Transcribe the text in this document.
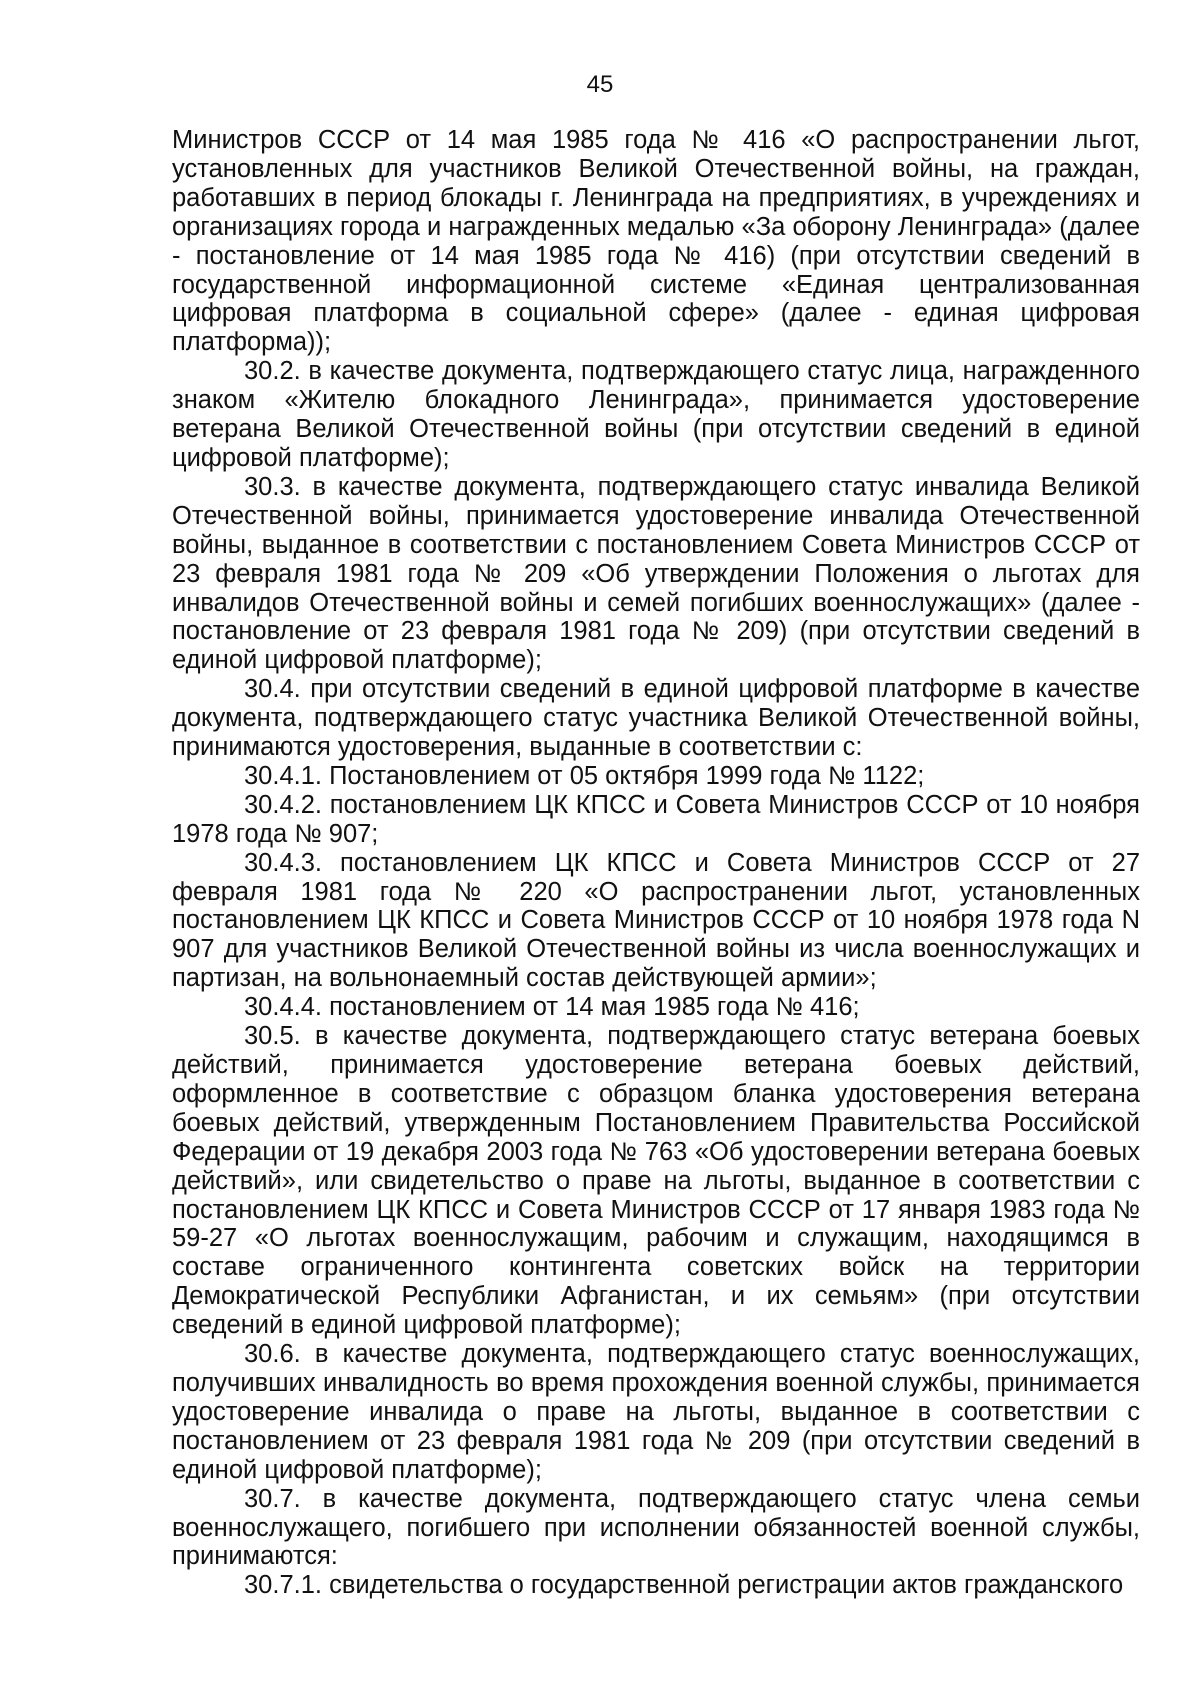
45

Министров СССР от 14 мая 1985 года № 416 «О распространении льгот, установленных для участников Великой Отечественной войны, на граждан, работавших в период блокады г. Ленинграда на предприятиях, в учреждениях и организациях города и награжденных медалью «За оборону Ленинграда» (далее - постановление от 14 мая 1985 года № 416) (при отсутствии сведений в государственной информационной системе «Единая централизованная цифровая платформа в социальной сфере» (далее - единая цифровая платформа));

30.2. в качестве документа, подтверждающего статус лица, награжденного знаком «Жителю блокадного Ленинграда», принимается удостоверение ветерана Великой Отечественной войны (при отсутствии сведений в единой цифровой платформе);

30.3. в качестве документа, подтверждающего статус инвалида Великой Отечественной войны, принимается удостоверение инвалида Отечественной войны, выданное в соответствии с постановлением Совета Министров СССР от 23 февраля 1981 года № 209 «Об утверждении Положения о льготах для инвалидов Отечественной войны и семей погибших военнослужащих» (далее - постановление от 23 февраля 1981 года № 209) (при отсутствии сведений в единой цифровой платформе);

30.4. при отсутствии сведений в единой цифровой платформе в качестве документа, подтверждающего статус участника Великой Отечественной войны, принимаются удостоверения, выданные в соответствии с:

30.4.1. Постановлением от 05 октября 1999 года № 1122;

30.4.2. постановлением ЦК КПСС и Совета Министров СССР от 10 ноября 1978 года № 907;

30.4.3. постановлением ЦК КПСС и Совета Министров СССР от 27 февраля 1981 года № 220 «О распространении льгот, установленных постановлением ЦК КПСС и Совета Министров СССР от 10 ноября 1978 года N 907 для участников Великой Отечественной войны из числа военнослужащих и партизан, на вольнонаемный состав действующей армии»;

30.4.4. постановлением от 14 мая 1985 года № 416;

30.5. в качестве документа, подтверждающего статус ветерана боевых действий, принимается удостоверение ветерана боевых действий, оформленное в соответствие с образцом бланка удостоверения ветерана боевых действий, утвержденным Постановлением Правительства Российской Федерации от 19 декабря 2003 года № 763 «Об удостоверении ветерана боевых действий», или свидетельство о праве на льготы, выданное в соответствии с постановлением ЦК КПСС и Совета Министров СССР от 17 января 1983 года № 59-27 «О льготах военнослужащим, рабочим и служащим, находящимся в составе ограниченного контингента советских войск на территории Демократической Республики Афганистан, и их семьям» (при отсутствии сведений в единой цифровой платформе);

30.6. в качестве документа, подтверждающего статус военнослужащих, получивших инвалидность во время прохождения военной службы, принимается удостоверение инвалида о праве на льготы, выданное в соответствии с постановлением от 23 февраля 1981 года № 209 (при отсутствии сведений в единой цифровой платформе);

30.7. в качестве документа, подтверждающего статус члена семьи военнослужащего, погибшего при исполнении обязанностей военной службы, принимаются:

30.7.1. свидетельства о государственной регистрации актов гражданского
